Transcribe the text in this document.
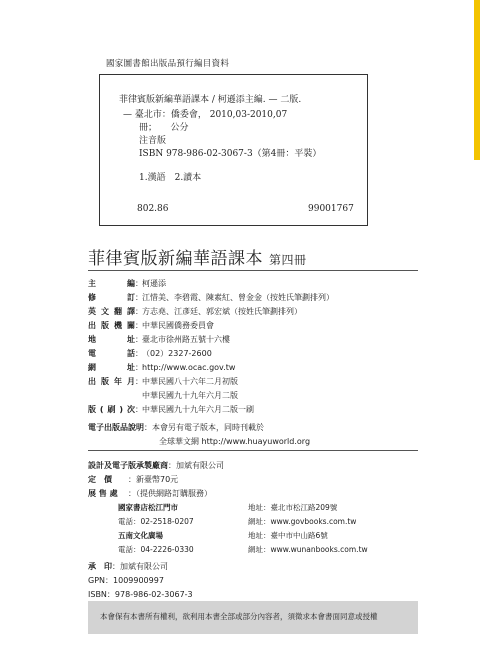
國家圖書館出版品預行編目資料
菲律賓版新編華語課本 / 柯遜添主編. — 二版.
— 臺北市：僑委會， 2010,03-2010,07
冊；　　公分
注音版
ISBN 978-986-02-3067-3（第4冊：平裝）
1.漢語　2.讀本
802.86	99001767
菲律賓版新編華語課本 第四冊
主　編：柯遜添
修　訂：江惜美、李碧霞、陳素紅、曾金金（按姓氏筆劃排列）
英文翻譯：方志堯、江彥廷、郭宏斌（按姓氏筆劃排列）
出版機關：中華民國僑務委員會
地　址：臺北市徐州路五號十六樓
電　話：（02）2327-2600
網　址：http://www.ocac.gov.tw
出版年月：中華民國八十六年二月初版
中華民國九十九年六月二版
版(刷)次：中華民國九十九年六月二版一刷
電子出版品說明：本會另有電子版本，同時刊載於
全球華文網 http://www.huayuworld.org
設計及電子版承製廠商：加斌有限公司
定　價 ：新臺幣70元
展 售 處 ：（提供網路訂購服務）
國家書店松江門市	地址：臺北市松江路209號
電話：02-2518-0207	網址：www.govbooks.com.tw
五南文化廣場	地址：臺中市中山路6號
電話：04-2226-0330	網址：www.wunanbooks.com.tw
承　印：加斌有限公司
GPN：1009900997
ISBN：978-986-02-3067-3
本會保有本書所有權利，欲利用本書全部或部分內容者，須徵求本會書面同意或授權
